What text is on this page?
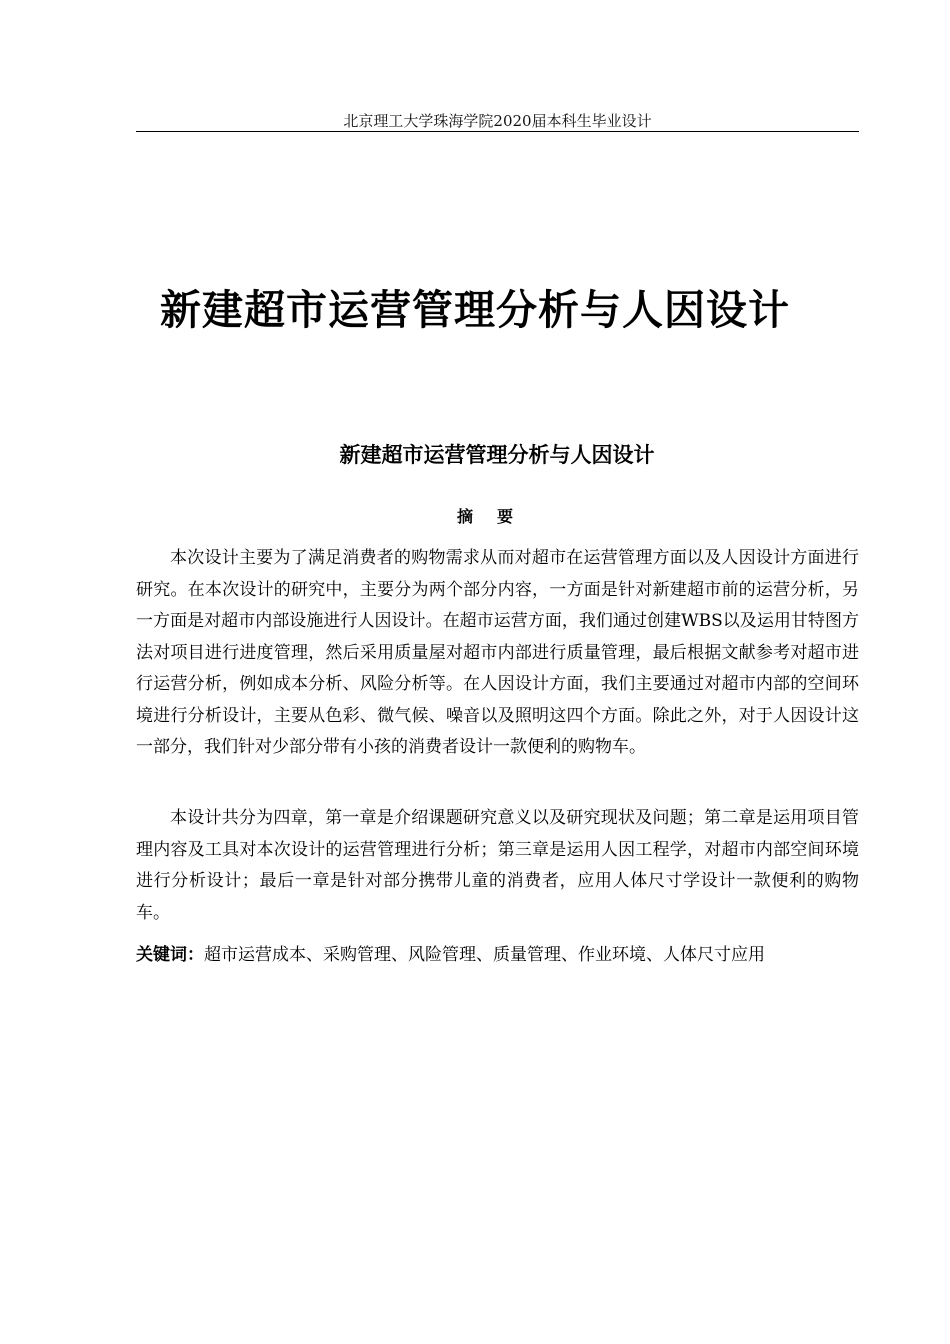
北京理工大学珠海学院2020届本科生毕业设计
新建超市运营管理分析与人因设计
新建超市运营管理分析与人因设计
摘要

本次设计主要为了满足消费者的购物需求从而对超市在运营管理方面以及人因设计方面进行研究。在本次设计的研究中，主要分为两个部分内容，一方面是针对新建超市前的运营分析，另一方面是对超市内部设施进行人因设计。在超市运营方面，我们通过创建WBS以及运用甘特图方法对项目进行进度管理，然后采用质量屋对超市内部进行质量管理，最后根据文献参考对超市进行运营分析，例如成本分析、风险分析等。在人因设计方面，我们主要通过对超市内部的空间环境进行分析设计，主要从色彩、微气候、噪音以及照明这四个方面。除此之外，对于人因设计这一部分，我们针对少部分带有小孩的消费者设计一款便利的购物车。

本设计共分为四章，第一章是介绍课题研究意义以及研究现状及问题；第二章是运用项目管理内容及工具对本次设计的运营管理进行分析；第三章是运用人因工程学，对超市内部空间环境进行分析设计；最后一章是针对部分携带儿童的消费者，应用人体尺寸学设计一款便利的购物车。

关键词：超市运营成本、采购管理、风险管理、质量管理、作业环境、人体尺寸应用
